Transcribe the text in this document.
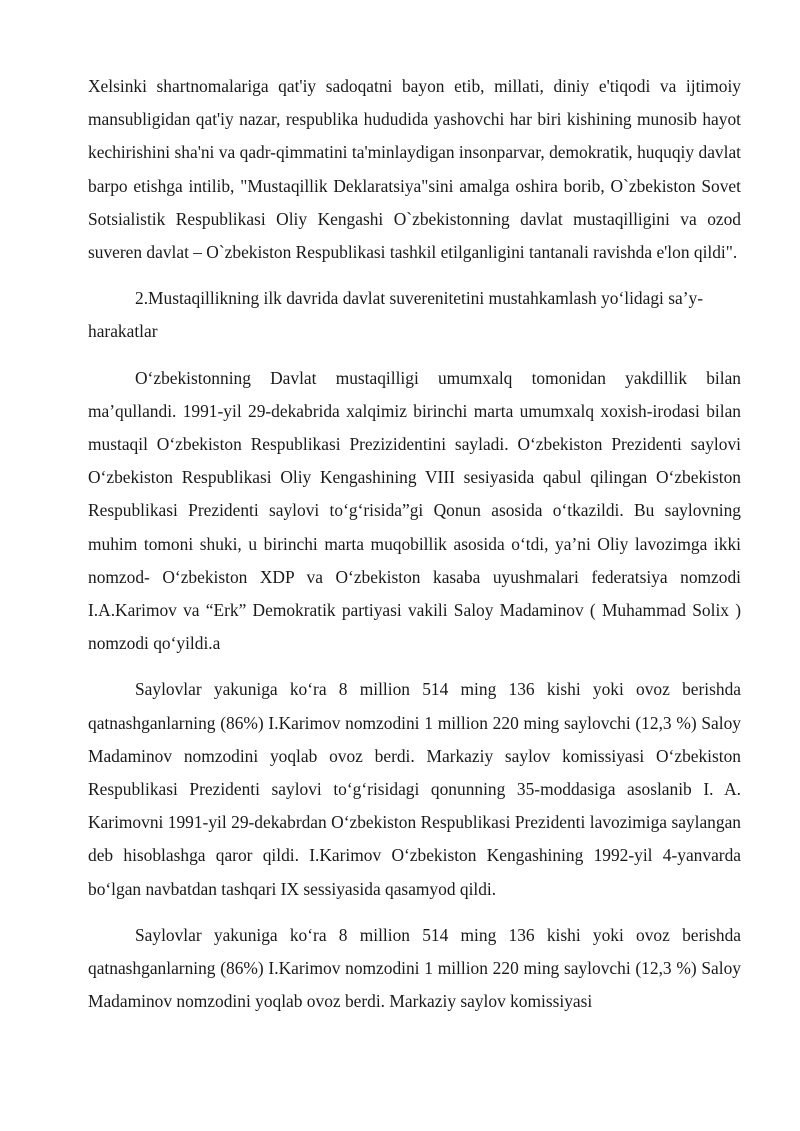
Xelsinki shartnomalariga qat'iy sadoqatni bayon etib, millati, diniy e'tiqodi va ijtimoiy mansubligidan qat'iy nazar, respublika hududida yashovchi har biri kishining munosib hayot kechirishini sha'ni va qadr-qimmatini ta'minlaydigan insonparvar, demokratik, huquqiy davlat barpo etishga intilib, "Mustaqillik Deklaratsiya"sini amalga oshira borib, O`zbekiston Sovet Sotsialistik Respublikasi Oliy Kengashi O`zbekistonning davlat mustaqilligini va ozod suveren davlat – O`zbekiston Respublikasi tashkil etilganligini tantanali ravishda e'lon qildi".

2.Mustaqillikning ilk davrida davlat suverenitetini mustahkamlash yo‘lidagi sa’y-harakatlar

O‘zbekistonning Davlat mustaqilligi umumxalq tomonidan yakdillik bilan ma’qullandi. 1991-yil 29-dekabrida xalqimiz birinchi marta umumxalq xoxish-irodasi bilan mustaqil O‘zbekiston Respublikasi Prezizidentini sayladi. O‘zbekiston Prezidenti saylovi O‘zbekiston Respublikasi Oliy Kengashining VIII sesiyasida qabul qilingan O‘zbekiston Respublikasi Prezidenti saylovi to‘g‘risida”gi Qonun asosida o‘tkazildi. Bu saylovning muhim tomoni shuki, u birinchi marta muqobillik asosida o‘tdi, ya’ni Oliy lavozimga ikki nomzod- O‘zbekiston XDP va O‘zbekiston kasaba uyushmalari federatsiya nomzodi I.A.Karimov va “Erk” Demokratik partiyasi vakili Saloy Madaminov ( Muhammad Solix ) nomzodi qo‘yildi.a

Saylovlar yakuniga ko‘ra 8 million 514 ming 136 kishi yoki ovoz berishda qatnashganlarning (86%) I.Karimov nomzodini 1 million 220 ming saylovchi (12,3 %) Saloy Madaminov nomzodini yoqlab ovoz berdi. Markaziy saylov komissiyasi O‘zbekiston Respublikasi Prezidenti saylovi to‘g‘risidagi qonunning 35-moddasiga asoslanib I. A. Karimovni 1991-yil 29-dekabrdan O‘zbekiston Respublikasi Prezidenti lavozimiga saylangan deb hisoblashga qaror qildi. I.Karimov O‘zbekiston Kengashining 1992-yil 4-yanvarda bo‘lgan navbatdan tashqari IX sessiyasida qasamyod qildi.

Saylovlar yakuniga ko‘ra 8 million 514 ming 136 kishi yoki ovoz berishda qatnashganlarning (86%) I.Karimov nomzodini 1 million 220 ming saylovchi (12,3 %) Saloy Madaminov nomzodini yoqlab ovoz berdi. Markaziy saylov komissiyasi
